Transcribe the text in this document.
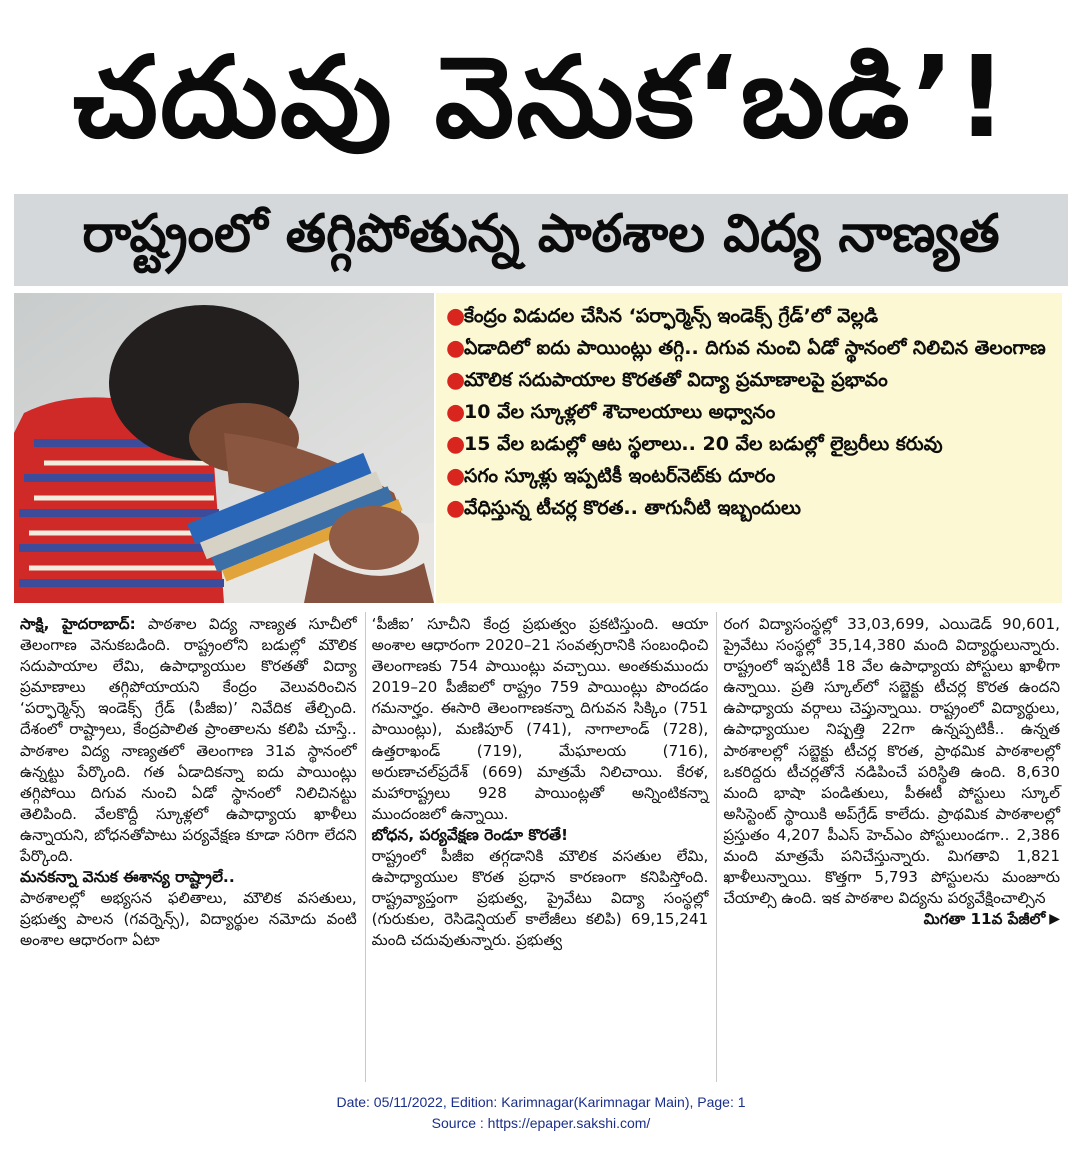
చదువు వెనుక‘బడి’!
రాష్ట్రంలో తగ్గిపోతున్న పాఠశాల విద్య నాణ్యత
●
కేంద్రం విడుదల చేసిన ‘పర్ఫార్మెన్స్‌ ఇండెక్స్‌ గ్రేడ్‌’లో వెల్లడి
●
ఏడాదిలో ఐదు పాయింట్లు తగ్గి.. దిగువ నుంచి ఏడో స్థానంలో నిలిచిన తెలంగాణ
●
మౌలిక సదుపాయాల కొరతతో విద్యా ప్రమాణాలపై ప్రభావం
●
10 వేల స్కూళ్లలో శౌచాలయాలు అధ్వానం
●
15 వేల బడుల్లో ఆట స్థలాలు.. 20 వేల బడుల్లో లైబ్రరీలు కరువు
●
సగం స్కూళ్లు ఇప్పటికీ ఇంటర్‌నెట్‌కు దూరం
●
వేధిస్తున్న టీచర్ల కొరత.. తాగునీటి ఇబ్బందులు

సాక్షి, హైదరాబాద్‌: పాఠశాల విద్య నాణ్యత సూచీలో తెలంగాణ వెనుకబడింది. రాష్ట్రంలోని బడుల్లో మౌలిక సదుపాయాల లేమి, ఉపాధ్యాయుల కొరతతో విద్యా ప్రమాణాలు తగ్గిపోయాయని కేంద్రం వెలువరించిన ‘పర్ఫార్మెన్స్‌ ఇండెక్స్‌ గ్రేడ్‌ (పీజీఐ)’ నివేదిక తేల్చింది. దేశంలో రాష్ట్రాలు, కేంద్రపాలిత ప్రాంతాలను కలిపి చూస్తే.. పాఠశాల విద్య నాణ్యతలో తెలంగాణ 31వ స్థానంలో ఉన్నట్టు పేర్కొంది. గత ఏడాదికన్నా ఐదు పాయింట్లు తగ్గిపోయి దిగువ నుంచి ఏడో స్థానంలో నిలిచినట్టు తెలిపింది. వేలకొద్దీ స్కూళ్లలో ఉపాధ్యాయ ఖాళీలు ఉన్నాయని, బోధనతోపాటు పర్యవేక్షణ కూడా సరిగా లేదని పేర్కొంది.

మనకన్నా వెనుక ఈశాన్య రాష్ట్రాలే..

పాఠశాలల్లో అభ్యసన ఫలితాలు, మౌలిక వసతులు, ప్రభుత్వ పాలన (గవర్నెన్స్‌), విద్యార్థుల నమోదు వంటి అంశాల ఆధారంగా ఏటా

‘పీజీఐ’ సూచీని కేంద్ర ప్రభుత్వం ప్రకటిస్తుంది. ఆయా అంశాల ఆధారంగా 2020–21 సంవత్సరానికి సంబంధించి తెలంగాణకు 754 పాయింట్లు వచ్చాయి. అంతకుముందు 2019–20 పీజీఐలో రాష్ట్రం 759 పాయింట్లు పొందడం గమనార్హం. ఈసారి తెలంగాణకన్నా దిగువన సిక్కిం (751 పాయింట్లు), మణిపూర్‌ (741), నాగాలాండ్‌ (728), ఉత్తరాఖండ్‌ (719), మేఘాలయ (716), అరుణాచల్‌ప్రదేశ్‌ (669) మాత్రమే నిలిచాయి. కేరళ, మహారాష్ట్రలు 928 పాయింట్లతో అన్నింటికన్నా ముందంజలో ఉన్నాయి.

బోధన, పర్యవేక్షణ రెండూ కొరతే!

రాష్ట్రంలో పీజీఐ తగ్గడానికి మౌలిక వసతుల లేమి, ఉపాధ్యాయుల కొరత ప్రధాన కారణంగా కనిపిస్తోంది. రాష్ట్రవ్యాప్తంగా ప్రభుత్వ, ప్రైవేటు విద్యా సంస్థల్లో (గురుకుల, రెసిడెన్షియల్‌ కాలేజీలు కలిపి) 69,15,241 మంది చదువుతున్నారు. ప్రభుత్వ

రంగ విద్యాసంస్థల్లో 33,03,699, ఎయిడెడ్‌ 90,601, ప్రైవేటు సంస్థల్లో 35,14,380 మంది విద్యార్థులున్నారు. రాష్ట్రంలో ఇప్పటికీ 18 వేల ఉపాధ్యాయ పోస్టులు ఖాళీగా ఉన్నాయి. ప్రతి స్కూల్‌లో సబ్జెక్టు టీచర్ల కొరత ఉందని ఉపాధ్యాయ వర్గాలు చెప్తున్నాయి. రాష్ట్రంలో విద్యార్థులు, ఉపాధ్యాయుల నిష్పత్తి 22గా ఉన్నప్పటికీ.. ఉన్నత పాఠశాలల్లో సబ్జెక్టు టీచర్ల కొరత, ప్రాథమిక పాఠశాలల్లో ఒకరిద్దరు టీచర్లతోనే నడిపించే పరిస్థితి ఉంది. 8,630 మంది భాషా పండితులు, పీఈటీ పోస్టులు స్కూల్‌ అసిస్టెంట్‌ స్థాయికి అప్‌గ్రేడ్‌ కాలేదు. ప్రాథమిక పాఠశాలల్లో ప్రస్తుతం 4,207 పీఎస్‌ హెచ్‌ఎం పోస్టులుండగా.. 2,386 మంది మాత్రమే పనిచేస్తున్నారు. మిగతావి 1,821 ఖాళీలున్నాయి. కొత్తగా 5,793 పోస్టులను మంజూరు చేయాల్సి ఉంది. ఇక పాఠశాల విద్యను పర్యవేక్షించాల్సిన

మిగతా 11వ పేజీలో ▶
Date: 05/11/2022, Edition: Karimnagar(Karimnagar Main), Page: 1
Source : https://epaper.sakshi.com/
